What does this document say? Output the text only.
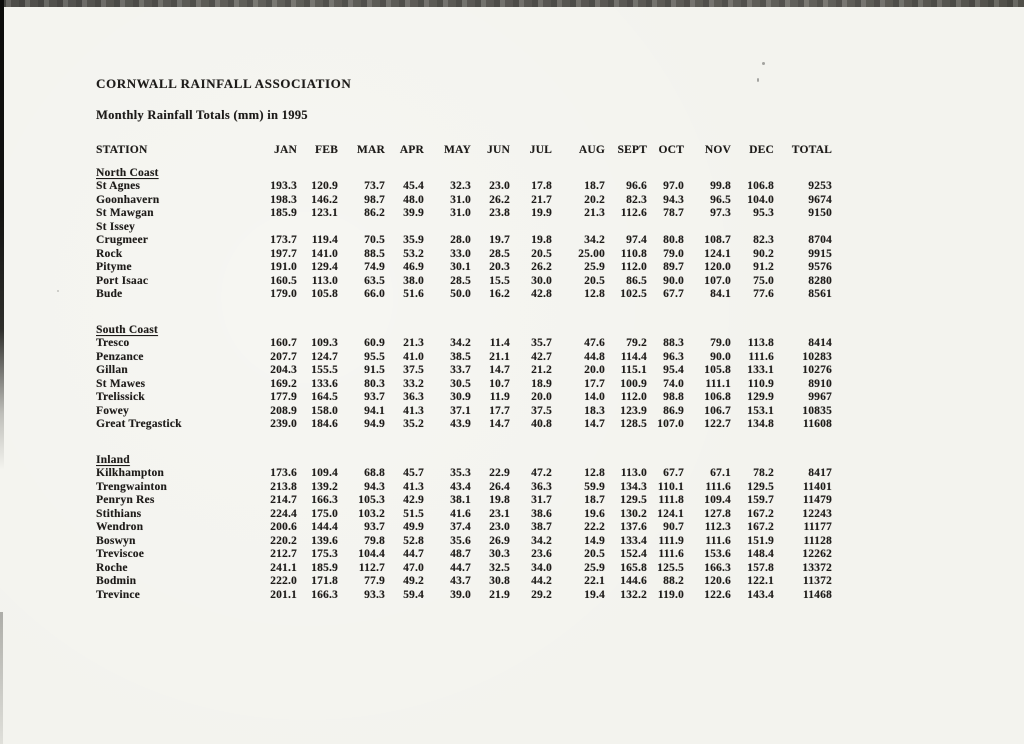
CORNWALL RAINFALL ASSOCIATION
Monthly Rainfall Totals (mm) in 1995
STATION	JAN	FEB	MAR	APR	MAY	JUN	JUL	AUG	SEPT	OCT	NOV	DEC	TOTAL
North Coast													
St Agnes	193.3	120.9	73.7	45.4	32.3	23.0	17.8	18.7	96.6	97.0	99.8	106.8	9253
Goonhavern	198.3	146.2	98.7	48.0	31.0	26.2	21.7	20.2	82.3	94.3	96.5	104.0	9674
St Mawgan	185.9	123.1	86.2	39.9	31.0	23.8	19.9	21.3	112.6	78.7	97.3	95.3	9150
St Issey													
Crugmeer	173.7	119.4	70.5	35.9	28.0	19.7	19.8	34.2	97.4	80.8	108.7	82.3	8704
Rock	197.7	141.0	88.5	53.2	33.0	28.5	20.5	25.00	110.8	79.0	124.1	90.2	9915
Pityme	191.0	129.4	74.9	46.9	30.1	20.3	26.2	25.9	112.0	89.7	120.0	91.2	9576
Port Isaac	160.5	113.0	63.5	38.0	28.5	15.5	30.0	20.5	86.5	90.0	107.0	75.0	8280
Bude	179.0	105.8	66.0	51.6	50.0	16.2	42.8	12.8	102.5	67.7	84.1	77.6	8561
South Coast													
Tresco	160.7	109.3	60.9	21.3	34.2	11.4	35.7	47.6	79.2	88.3	79.0	113.8	8414
Penzance	207.7	124.7	95.5	41.0	38.5	21.1	42.7	44.8	114.4	96.3	90.0	111.6	10283
Gillan	204.3	155.5	91.5	37.5	33.7	14.7	21.2	20.0	115.1	95.4	105.8	133.1	10276
St Mawes	169.2	133.6	80.3	33.2	30.5	10.7	18.9	17.7	100.9	74.0	111.1	110.9	8910
Trelissick	177.9	164.5	93.7	36.3	30.9	11.9	20.0	14.0	112.0	98.8	106.8	129.9	9967
Fowey	208.9	158.0	94.1	41.3	37.1	17.7	37.5	18.3	123.9	86.9	106.7	153.1	10835
Great Tregastick	239.0	184.6	94.9	35.2	43.9	14.7	40.8	14.7	128.5	107.0	122.7	134.8	11608
Inland													
Kilkhampton	173.6	109.4	68.8	45.7	35.3	22.9	47.2	12.8	113.0	67.7	67.1	78.2	8417
Trengwainton	213.8	139.2	94.3	41.3	43.4	26.4	36.3	59.9	134.3	110.1	111.6	129.5	11401
Penryn Res	214.7	166.3	105.3	42.9	38.1	19.8	31.7	18.7	129.5	111.8	109.4	159.7	11479
Stithians	224.4	175.0	103.2	51.5	41.6	23.1	38.6	19.6	130.2	124.1	127.8	167.2	12243
Wendron	200.6	144.4	93.7	49.9	37.4	23.0	38.7	22.2	137.6	90.7	112.3	167.2	11177
Boswyn	220.2	139.6	79.8	52.8	35.6	26.9	34.2	14.9	133.4	111.9	111.6	151.9	11128
Treviscoe	212.7	175.3	104.4	44.7	48.7	30.3	23.6	20.5	152.4	111.6	153.6	148.4	12262
Roche	241.1	185.9	112.7	47.0	44.7	32.5	34.0	25.9	165.8	125.5	166.3	157.8	13372
Bodmin	222.0	171.8	77.9	49.2	43.7	30.8	44.2	22.1	144.6	88.2	120.6	122.1	11372
Trevince	201.1	166.3	93.3	59.4	39.0	21.9	29.2	19.4	132.2	119.0	122.6	143.4	11468
